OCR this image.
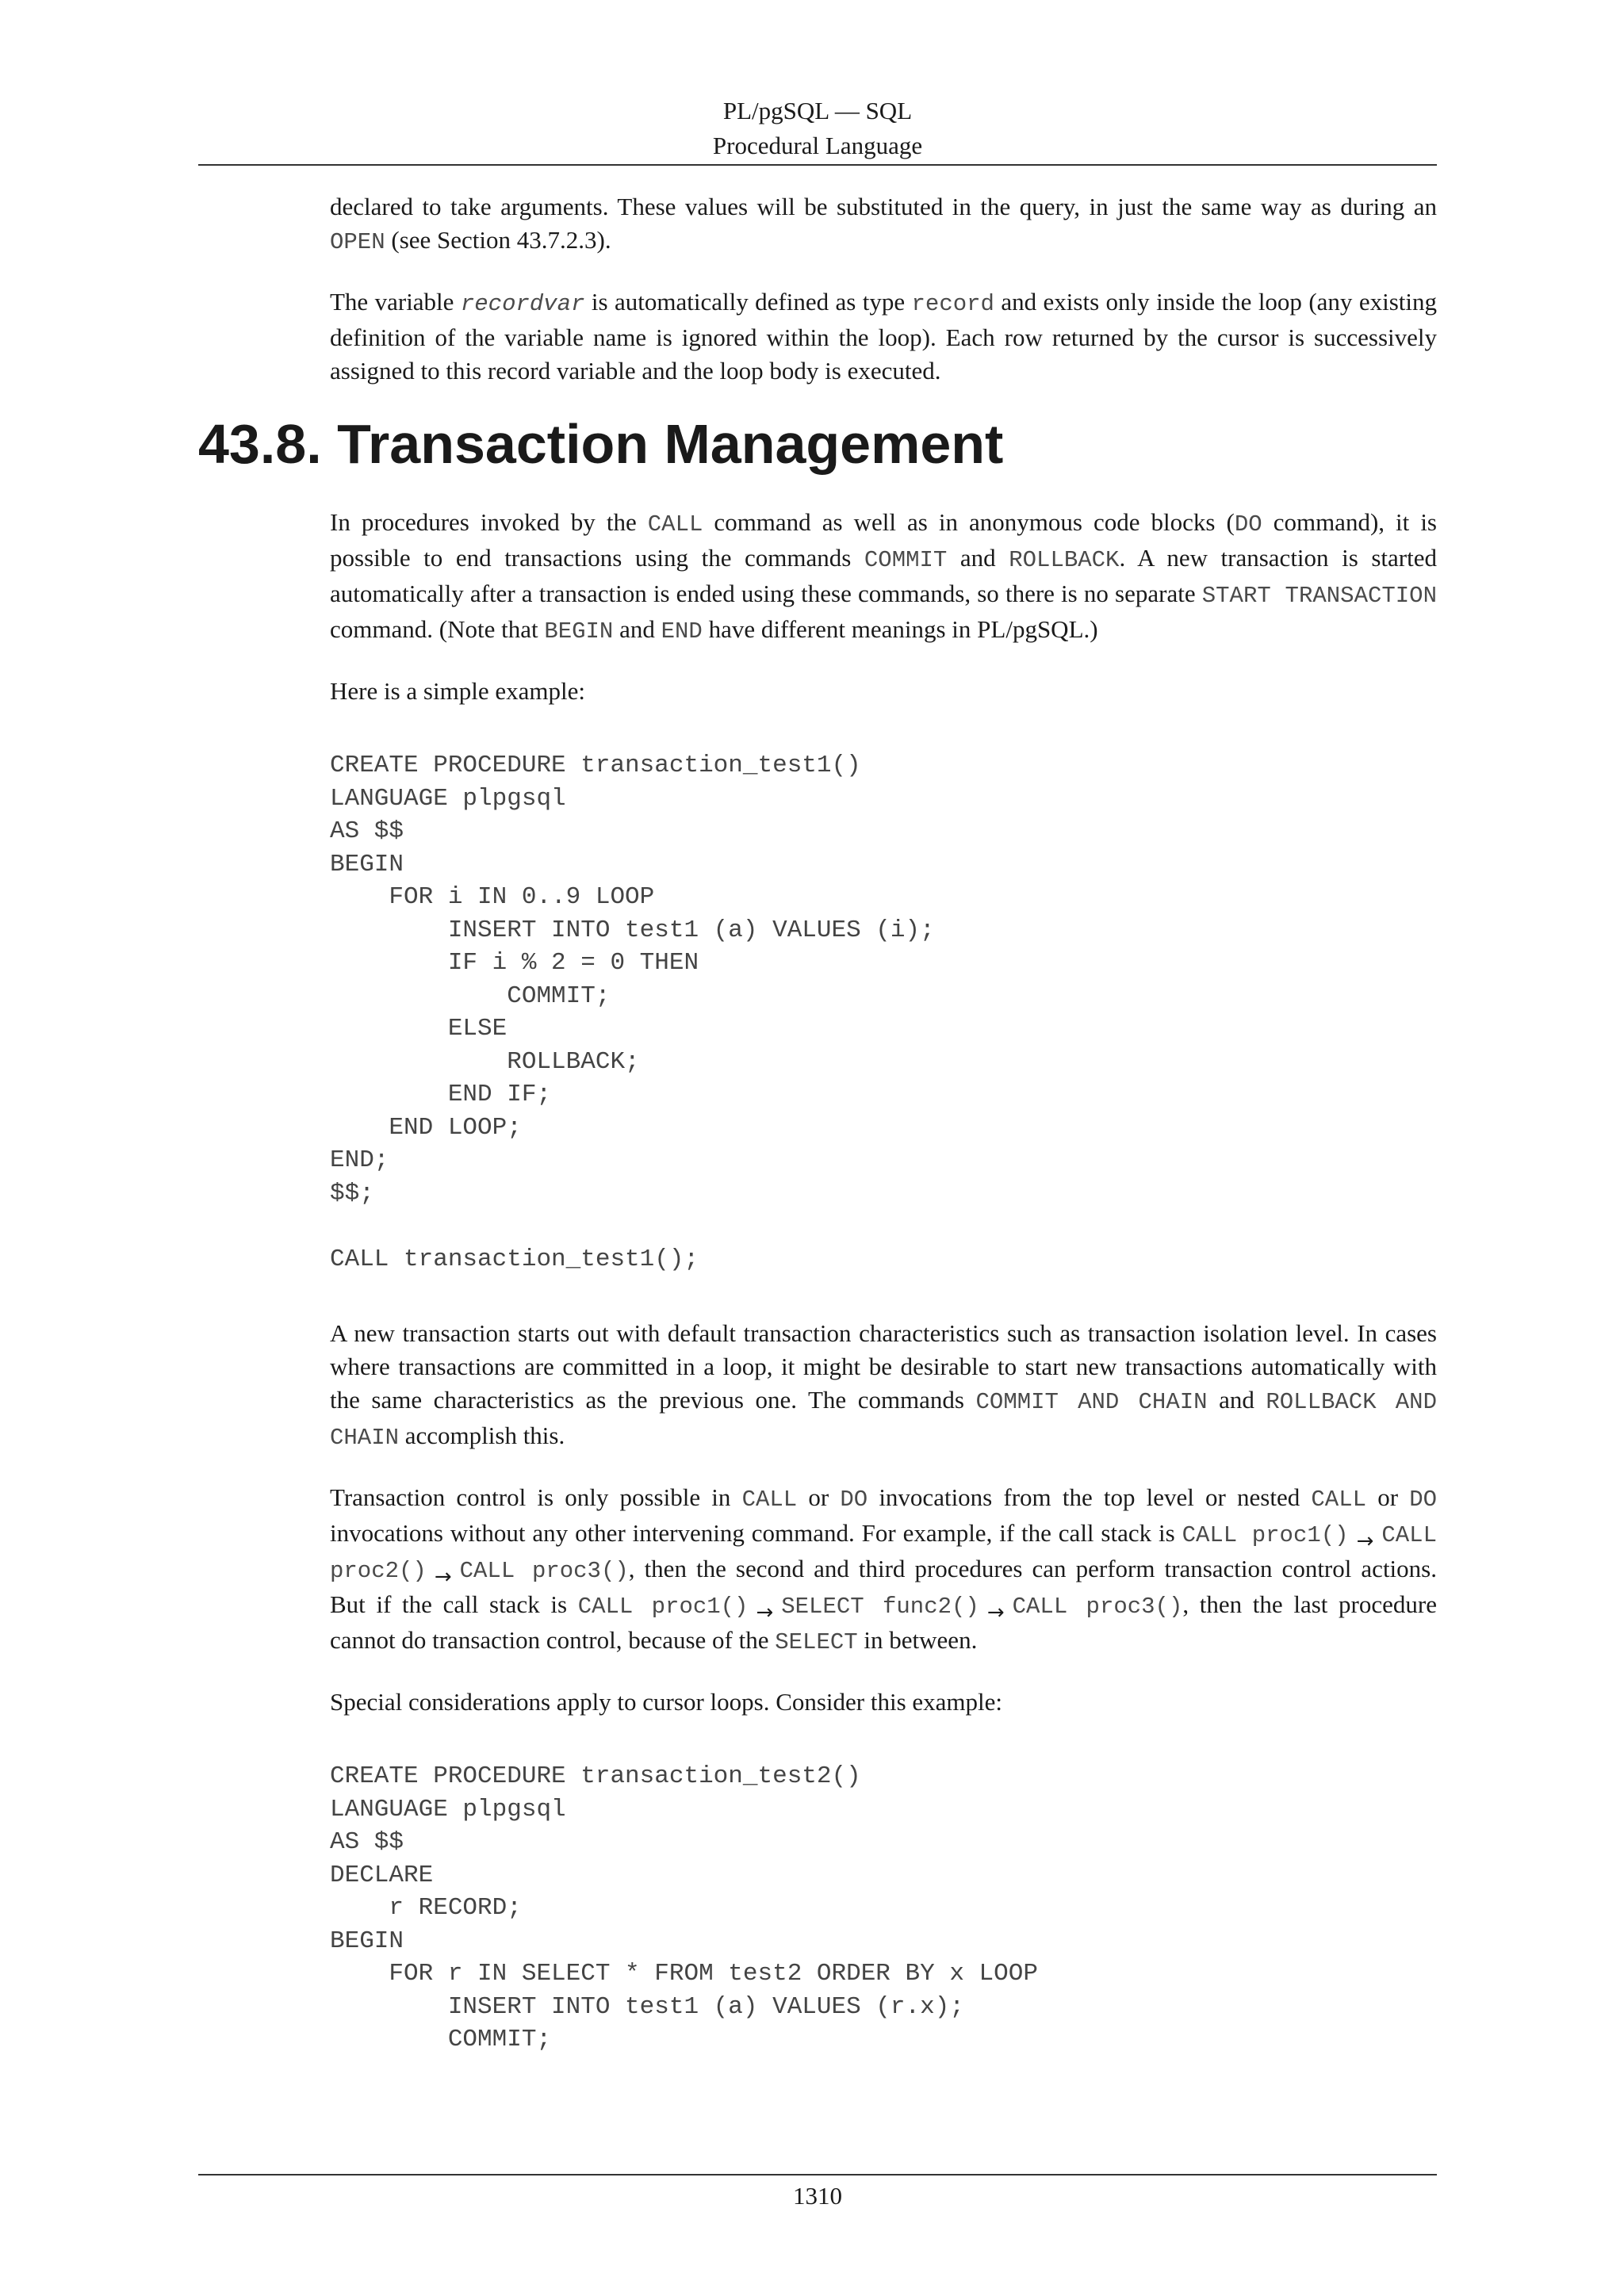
PL/pgSQL — SQL
Procedural Language

declared to take arguments. These values will be substituted in the query, in just the same way as during an OPEN (see Section 43.7.2.3).

The variable recordvar is automatically defined as type record and exists only inside the loop (any existing definition of the variable name is ignored within the loop). Each row returned by the cursor is successively assigned to this record variable and the loop body is executed.

43.8. Transaction Management

In procedures invoked by the CALL command as well as in anonymous code blocks (DO command), it is possible to end transactions using the commands COMMIT and ROLLBACK. A new transaction is started automatically after a transaction is ended using these commands, so there is no separate START TRANSACTION command. (Note that BEGIN and END have different meanings in PL/pgSQL.)

Here is a simple example:

CREATE PROCEDURE transaction_test1()
LANGUAGE plpgsql
AS $$
BEGIN
FOR i IN 0..9 LOOP
INSERT INTO test1 (a) VALUES (i);
IF i % 2 = 0 THEN
COMMIT;
ELSE
ROLLBACK;
END IF;
END LOOP;
END;
$$;
CALL transaction_test1();

A new transaction starts out with default transaction characteristics such as transaction isolation level. In cases where transactions are committed in a loop, it might be desirable to start new transactions automatically with the same characteristics as the previous one. The commands COMMIT AND CHAIN and ROLLBACK AND CHAIN accomplish this.

Transaction control is only possible in CALL or DO invocations from the top level or nested CALL or DO invocations without any other intervening command. For example, if the call stack is CALL proc1() $_\to$ CALL proc2() $_\to$ CALL proc3(), then the second and third procedures can perform transaction control actions. But if the call stack is CALL proc1() $_\to$ SELECT func2() $_\to$ CALL proc3(), then the last procedure cannot do transaction control, because of the SELECT in between.

Special considerations apply to cursor loops. Consider this example:

CREATE PROCEDURE transaction_test2()
LANGUAGE plpgsql
AS $$
DECLARE
r RECORD;
BEGIN
FOR r IN SELECT * FROM test2 ORDER BY x LOOP
INSERT INTO test1 (a) VALUES (r.x);
COMMIT;
1310
